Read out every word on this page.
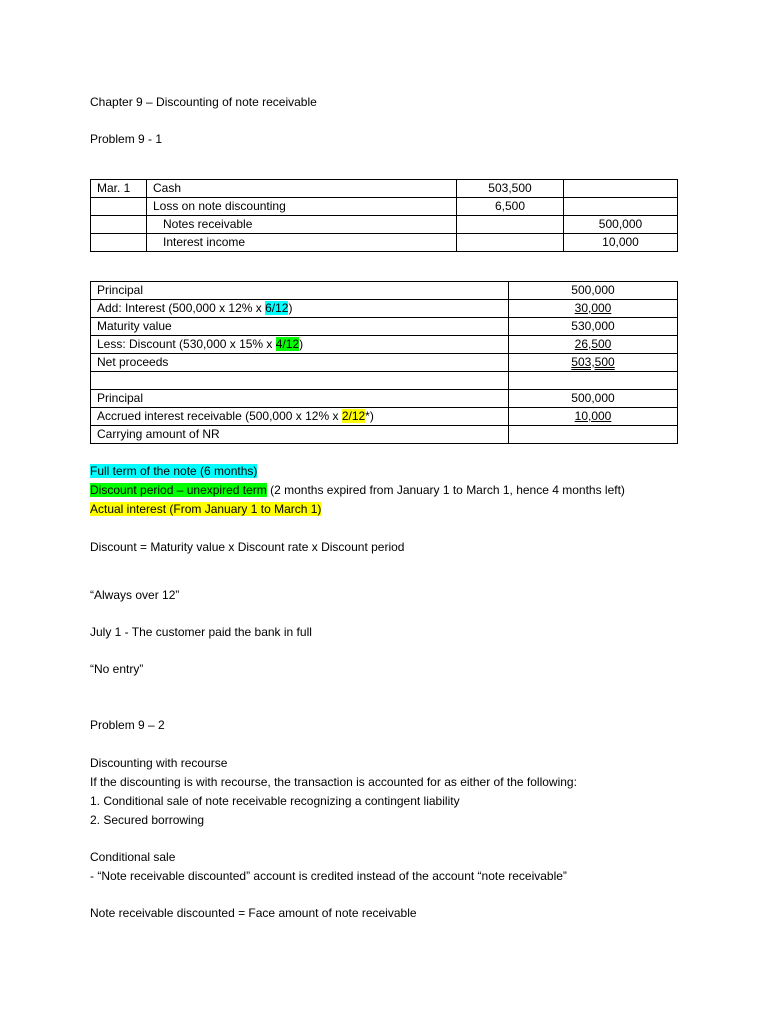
Chapter 9 – Discounting of note receivable
Problem 9 - 1
Mar. 1	Cash	503,500	
	Loss on note discounting	6,500	
	Notes receivable		500,000
	Interest income		10,000
Principal	500,000
Add: Interest (500,000 x 12% x 6/12)	30,000
Maturity value	530,000
Less: Discount (530,000 x 15% x 4/12)	26,500
Net proceeds	503,500

Principal	500,000
Accrued interest receivable (500,000 x 12% x 2/12*)	10,000
Carrying amount of NR	
Full term of the note (6 months)
Discount period – unexpired term (2 months expired from January 1 to March 1, hence 4 months left)
Actual interest (From January 1 to March 1)
Discount = Maturity value x Discount rate x Discount period
“Always over 12”
July 1 - The customer paid the bank in full
“No entry”
Problem 9 – 2
Discounting with recourse
If the discounting is with recourse, the transaction is accounted for as either of the following:
1. Conditional sale of note receivable recognizing a contingent liability
2. Secured borrowing
Conditional sale
- “Note receivable discounted” account is credited instead of the account “note receivable”
Note receivable discounted = Face amount of note receivable
